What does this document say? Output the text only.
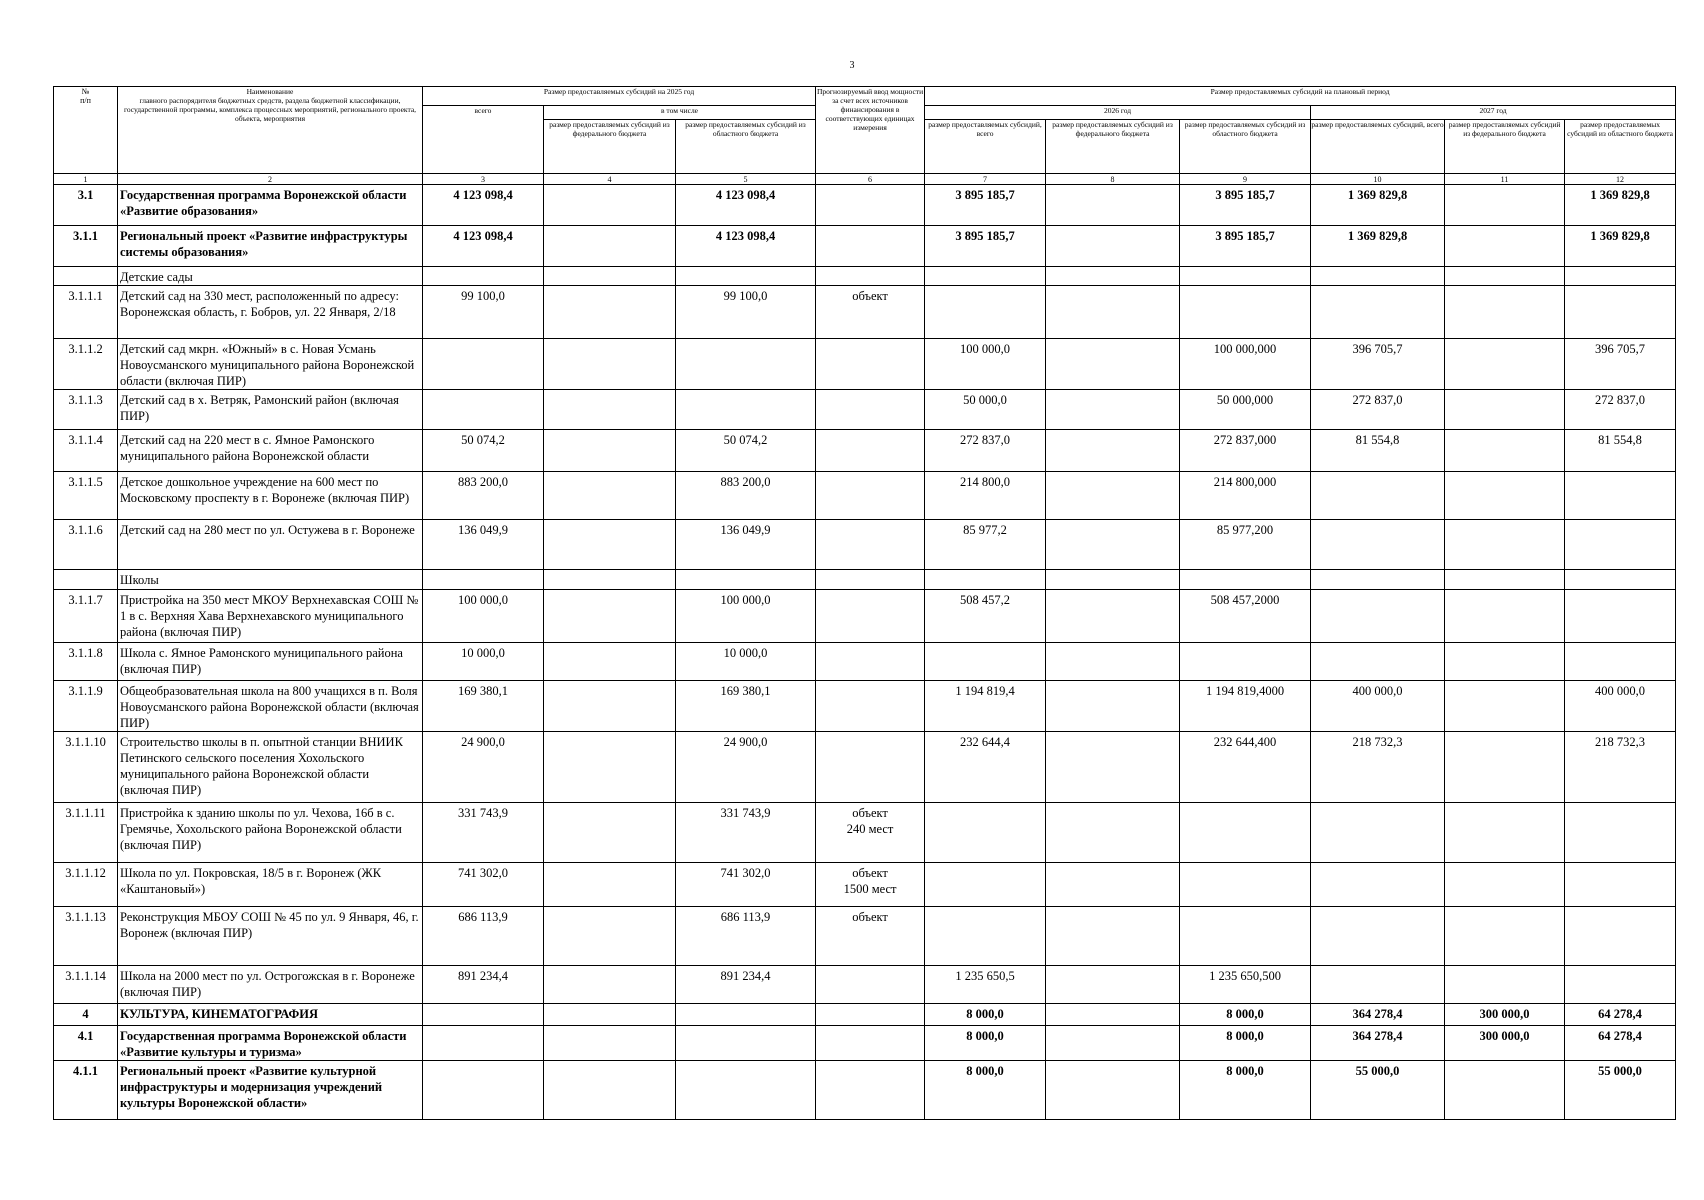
3
№
п/п	Наименование
главного распорядителя бюджетных средств, раздела бюджетной классификации, государственной программы, комплекса процессных мероприятий, регионального проекта, объекта, мероприятия	Размер предоставляемых субсидий на 2025 год			Прогнозируемый ввод мощности за счет всех источников финансирования в соответствующих единицах измерения	Размер предоставляемых субсидий на плановый период					
		всего	в том числе			2026 год			2027 год		
			размер предоставляемых субсидий из федерального бюджета	размер предоставляемых субсидий из областного бюджета		размер предоставляемых субсидий, всего	размер предоставляемых субсидий из федерального бюджета	размер предоставляемых субсидий из областного бюджета	размер предоставляемых субсидий, всего	размер предоставляемых субсидий из федерального бюджета	размер предоставляемых субсидий из областного бюджета
1	2	3	4	5	6	7	8	9	10	11	12
3.1	Государственная программа Воронежской области «Развитие образования»	4 123 098,4		4 123 098,4		3 895 185,7		3 895 185,7	1 369 829,8		1 369 829,8
3.1.1	Региональный проект «Развитие инфраструктуры системы образования»	4 123 098,4		4 123 098,4		3 895 185,7		3 895 185,7	1 369 829,8		1 369 829,8
	Детские сады										
3.1.1.1	Детский сад на 330 мест, расположенный по адресу: Воронежская область, г. Бобров, ул. 22 Января, 2/18	99 100,0		99 100,0	объект						
3.1.1.2	Детский сад мкрн. «Южный» в с. Новая Усмань Новоусманского муниципального района Воронежской области (включая ПИР)					100 000,0		100 000,000	396 705,7		396 705,7
3.1.1.3	Детский сад в х. Ветряк, Рамонский район (включая ПИР)					50 000,0		50 000,000	272 837,0		272 837,0
3.1.1.4	Детский сад на 220 мест в с. Ямное Рамонского муниципального района Воронежской области	50 074,2		50 074,2		272 837,0		272 837,000	81 554,8		81 554,8
3.1.1.5	Детское дошкольное учреждение на 600 мест по Московскому проспекту в г. Воронеже (включая ПИР)	883 200,0		883 200,0		214 800,0		214 800,000			
3.1.1.6	Детский сад на 280 мест по ул. Остужева в г. Воронеже	136 049,9		136 049,9		85 977,2		85 977,200			
	Школы										
3.1.1.7	Пристройка на 350 мест МКОУ Верхнехавская СОШ № 1 в с. Верхняя Хава Верхнехавского муниципального района (включая ПИР)	100 000,0		100 000,0		508 457,2		508 457,2000			
3.1.1.8	Школа с. Ямное Рамонского муниципального района (включая ПИР)	10 000,0		10 000,0							
3.1.1.9	Общеобразовательная школа на 800 учащихся в п. Воля Новоусманского района Воронежской области (включая ПИР)	169 380,1		169 380,1		1 194 819,4		1 194 819,4000	400 000,0		400 000,0
3.1.1.10	Строительство школы в п. опытной станции ВНИИК Петинского сельского поселения Хохольского муниципального района Воронежской области (включая ПИР)	24 900,0		24 900,0		232 644,4		232 644,400	218 732,3		218 732,3
3.1.1.11	Пристройка к зданию школы по ул. Чехова, 16б в с. Гремячье, Хохольского района Воронежской области (включая ПИР)	331 743,9		331 743,9	объект
240 мест						
3.1.1.12	Школа по ул. Покровская, 18/5 в г. Воронеж (ЖК «Каштановый»)	741 302,0		741 302,0	объект
1500 мест						
3.1.1.13	Реконструкция МБОУ СОШ № 45 по ул. 9 Января, 46, г. Воронеж (включая ПИР)	686 113,9		686 113,9	объект						
3.1.1.14	Школа на 2000 мест по ул. Острогожская в г. Воронеже (включая ПИР)	891 234,4		891 234,4		1 235 650,5		1 235 650,500			
4	КУЛЬТУРА, КИНЕМАТОГРАФИЯ					8 000,0		8 000,0	364 278,4	300 000,0	64 278,4
4.1	Государственная программа Воронежской области «Развитие культуры и туризма»					8 000,0		8 000,0	364 278,4	300 000,0	64 278,4
4.1.1	Региональный проект «Развитие культурной инфраструктуры и модернизация учреждений культуры Воронежской области»					8 000,0		8 000,0	55 000,0		55 000,0
